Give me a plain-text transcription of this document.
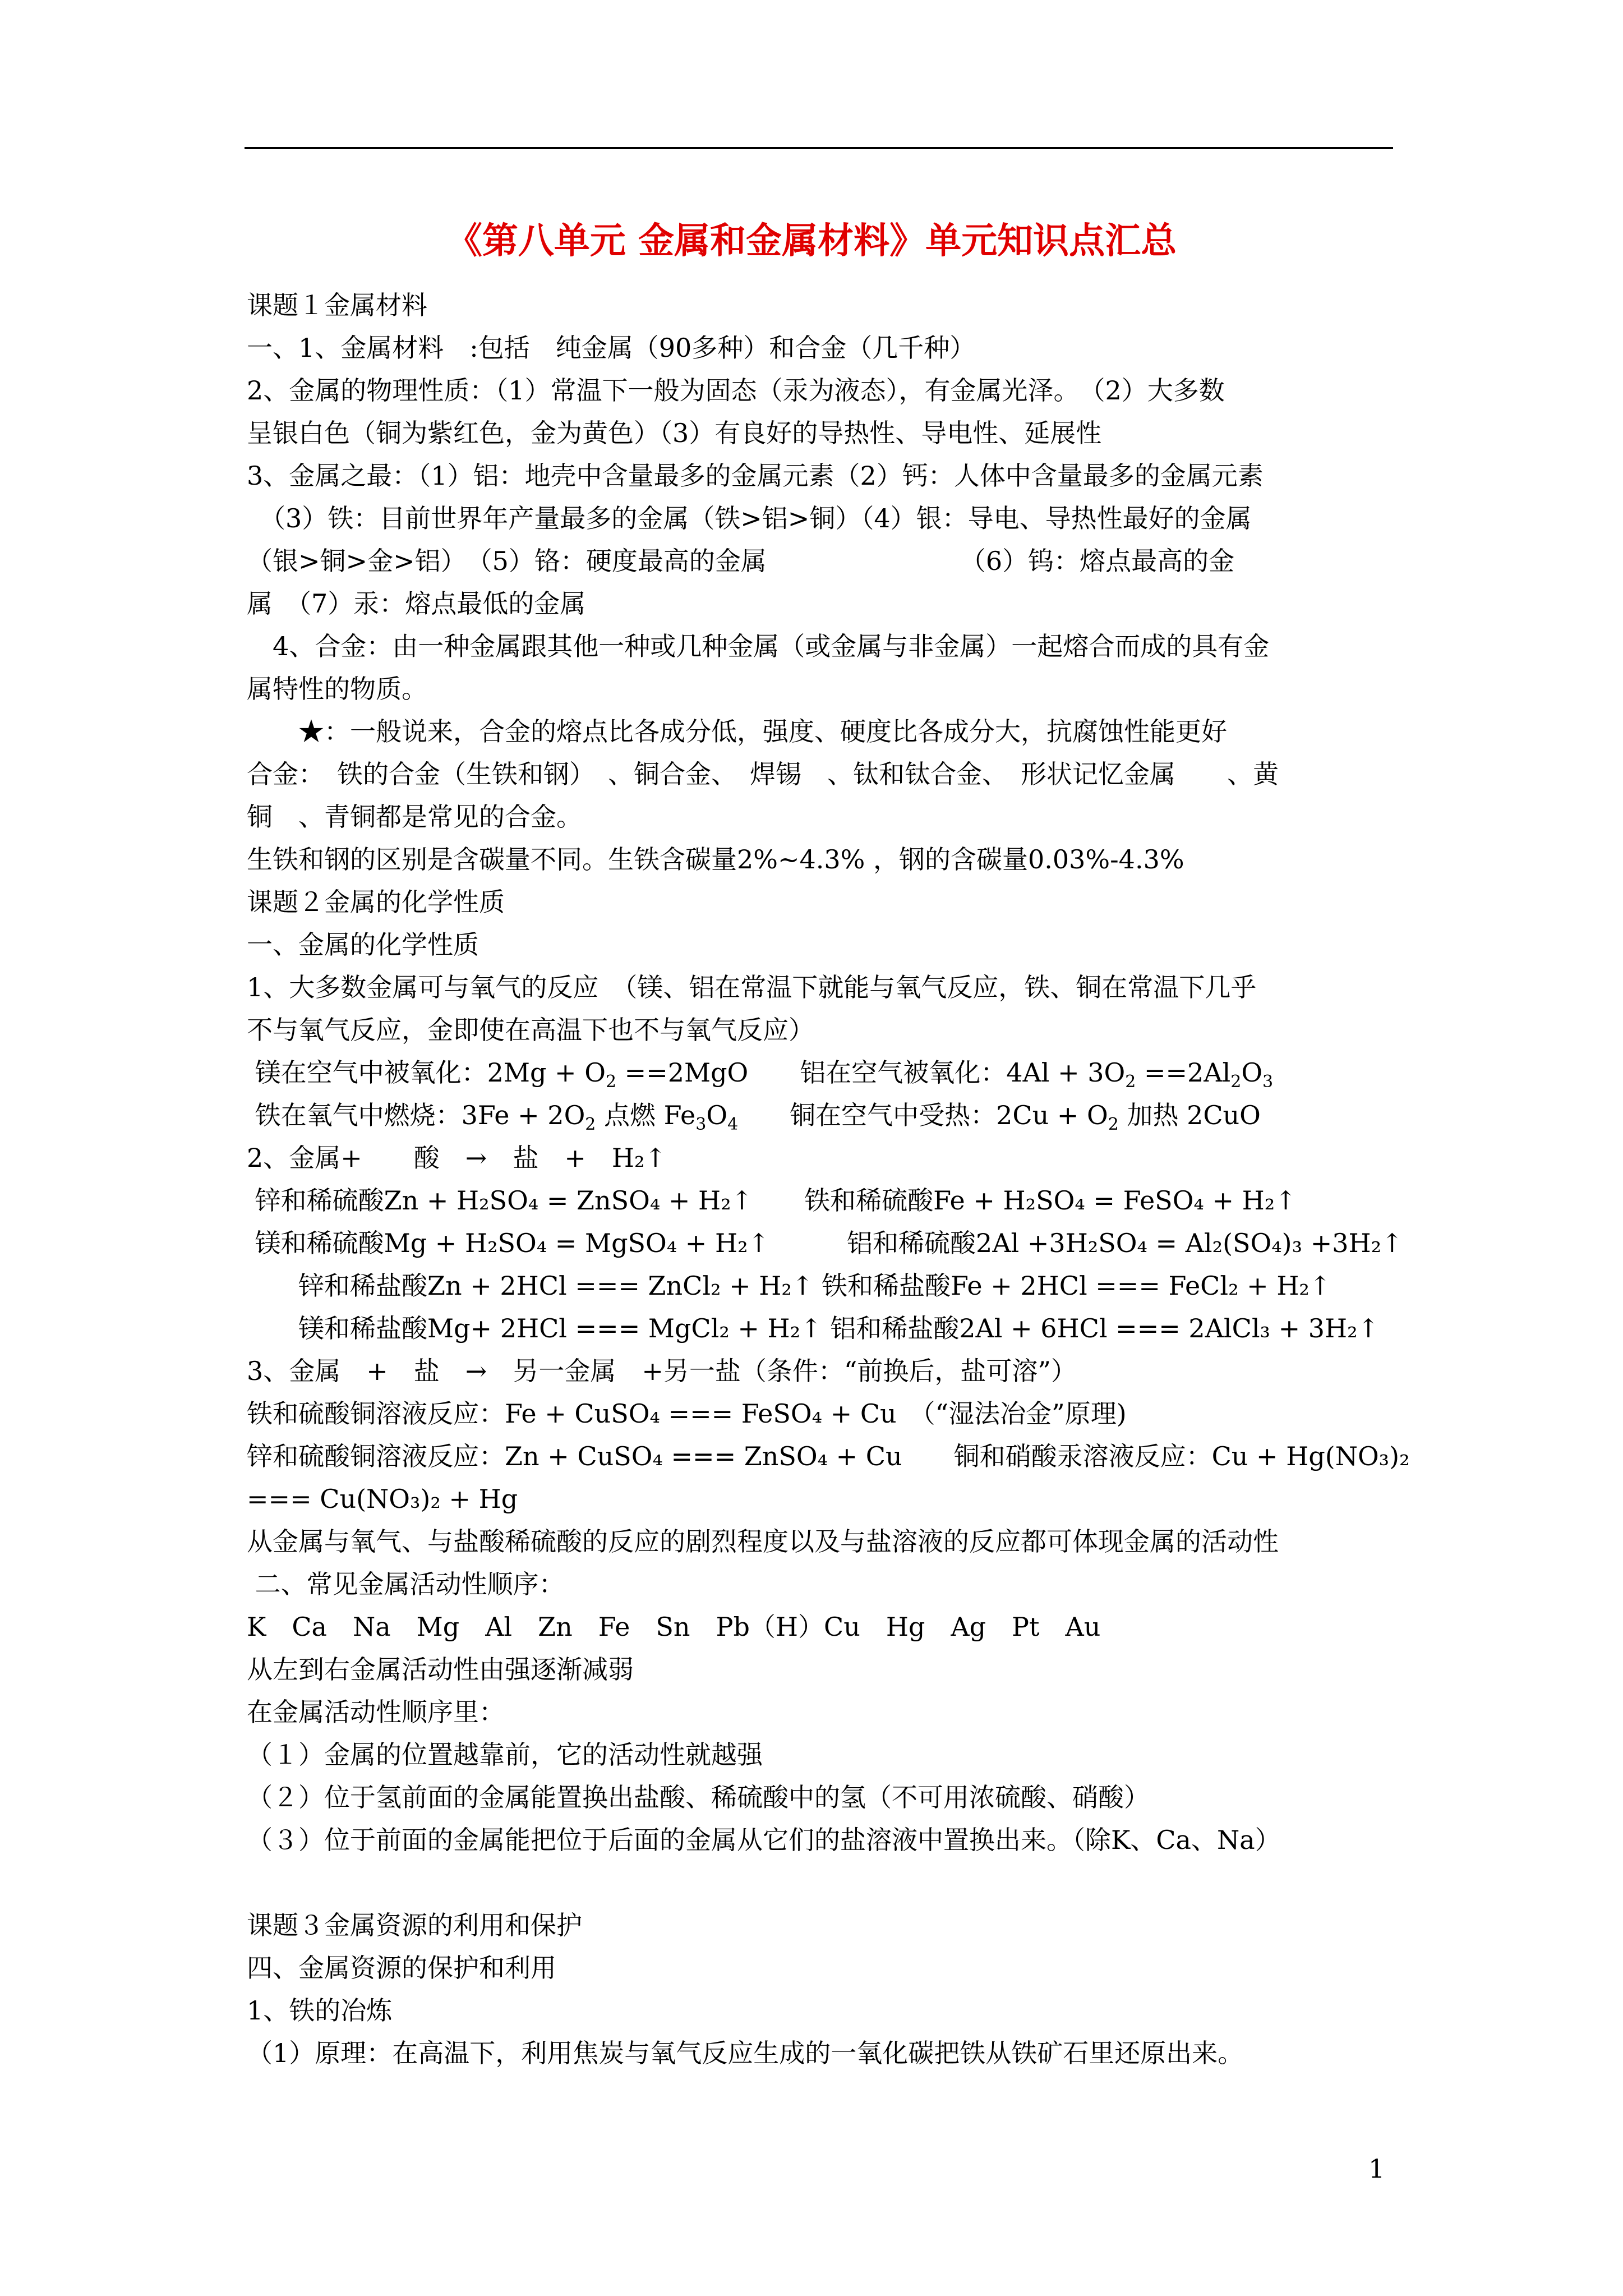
《第八单元 金属和金属材料》单元知识点汇总
课题１金属材料
一、1、金属材料　:包括　纯金属（90多种）和合金（几千种）
2、金属的物理性质：（1）常温下一般为固态（汞为液态），有金属光泽。　（2）大多数
呈银白色（铜为紫红色，金为黄色）（3）有良好的导热性、导电性、延展性
3、金属之最：（1）铝：地壳中含量最多的金属元素（2）钙：人体中含量最多的金属元素
　（3）铁：目前世界年产量最多的金属（铁>铝>铜）（4）银：导电、导热性最好的金属
（银>铜>金>铝）　（5）铬：硬度最高的金属　　　　　　　　（6）钨：熔点最高的金
属　（7）汞：熔点最低的金属
　4、合金：由一种金属跟其他一种或几种金属（或金属与非金属）一起熔合而成的具有金
属特性的物质。
　　★：一般说来，合金的熔点比各成分低，强度、硬度比各成分大，抗腐蚀性能更好
合金：　铁的合金（生铁和钢）　、铜合金、　焊锡　、钛和钛合金、　形状记忆金属　　、黄
铜　、青铜都是常见的合金。
生铁和钢的区别是含碳量不同。生铁含碳量2%~4.3% ，钢的含碳量0.03%-4.3%
课题２金属的化学性质
一、金属的化学性质
1、大多数金属可与氧气的反应　（镁、铝在常温下就能与氧气反应，铁、铜在常温下几乎
不与氧气反应，金即使在高温下也不与氧气反应）
镁在空气中被氧化：$2Mg + O_2 ==2MgO$　　铝在空气被氧化：$4Al + 3O_2 ==2Al_2O_3$
铁在氧气中燃烧：$3Fe + 2O_2$ 点燃 $Fe_3O_4$　　铜在空气中受热：$2Cu + O_2$ 加热 2CuO
2、金属+　　酸　→　盐　+　H₂↑
锌和稀硫酸Zn + H₂SO₄ = ZnSO₄ + H₂↑　　铁和稀硫酸Fe + H₂SO₄ = FeSO₄ + H₂↑
镁和稀硫酸Mg + H₂SO₄ = MgSO₄ + H₂↑　　　铝和稀硫酸2Al +3H₂SO₄ = Al₂(SO₄)₃ +3H₂↑
　　锌和稀盐酸Zn + 2HCl === ZnCl₂ + H₂↑ 铁和稀盐酸Fe + 2HCl === FeCl₂ + H₂↑
　　镁和稀盐酸Mg+ 2HCl === MgCl₂ + H₂↑ 铝和稀盐酸2Al + 6HCl === 2AlCl₃ + 3H₂↑
3、金属　+　盐　→　另一金属　+另一盐（条件：“前换后，盐可溶”）
铁和硫酸铜溶液反应：Fe + CuSO₄ === FeSO₄ + Cu　（“湿法冶金”原理)
锌和硫酸铜溶液反应：Zn + CuSO₄ === ZnSO₄ + Cu　　铜和硝酸汞溶液反应：Cu + Hg(NO₃)₂
=== Cu(NO₃)₂ + Hg
从金属与氧气、与盐酸稀硫酸的反应的剧烈程度以及与盐溶液的反应都可体现金属的活动性
二、常见金属活动性顺序：
K　Ca　Na　Mg　Al　Zn　Fe　Sn　Pb（H）Cu　Hg　Ag　Pt　Au
从左到右金属活动性由强逐渐减弱
在金属活动性顺序里：
（１）金属的位置越靠前，它的活动性就越强
（２）位于氢前面的金属能置换出盐酸、稀硫酸中的氢（不可用浓硫酸、硝酸）
（３）位于前面的金属能把位于后面的金属从它们的盐溶液中置换出来。（除K、Ca、Na）
课题３金属资源的利用和保护
四、金属资源的保护和利用
1、铁的冶炼
（1）原理：在高温下，利用焦炭与氧气反应生成的一氧化碳把铁从铁矿石里还原出来。
1
